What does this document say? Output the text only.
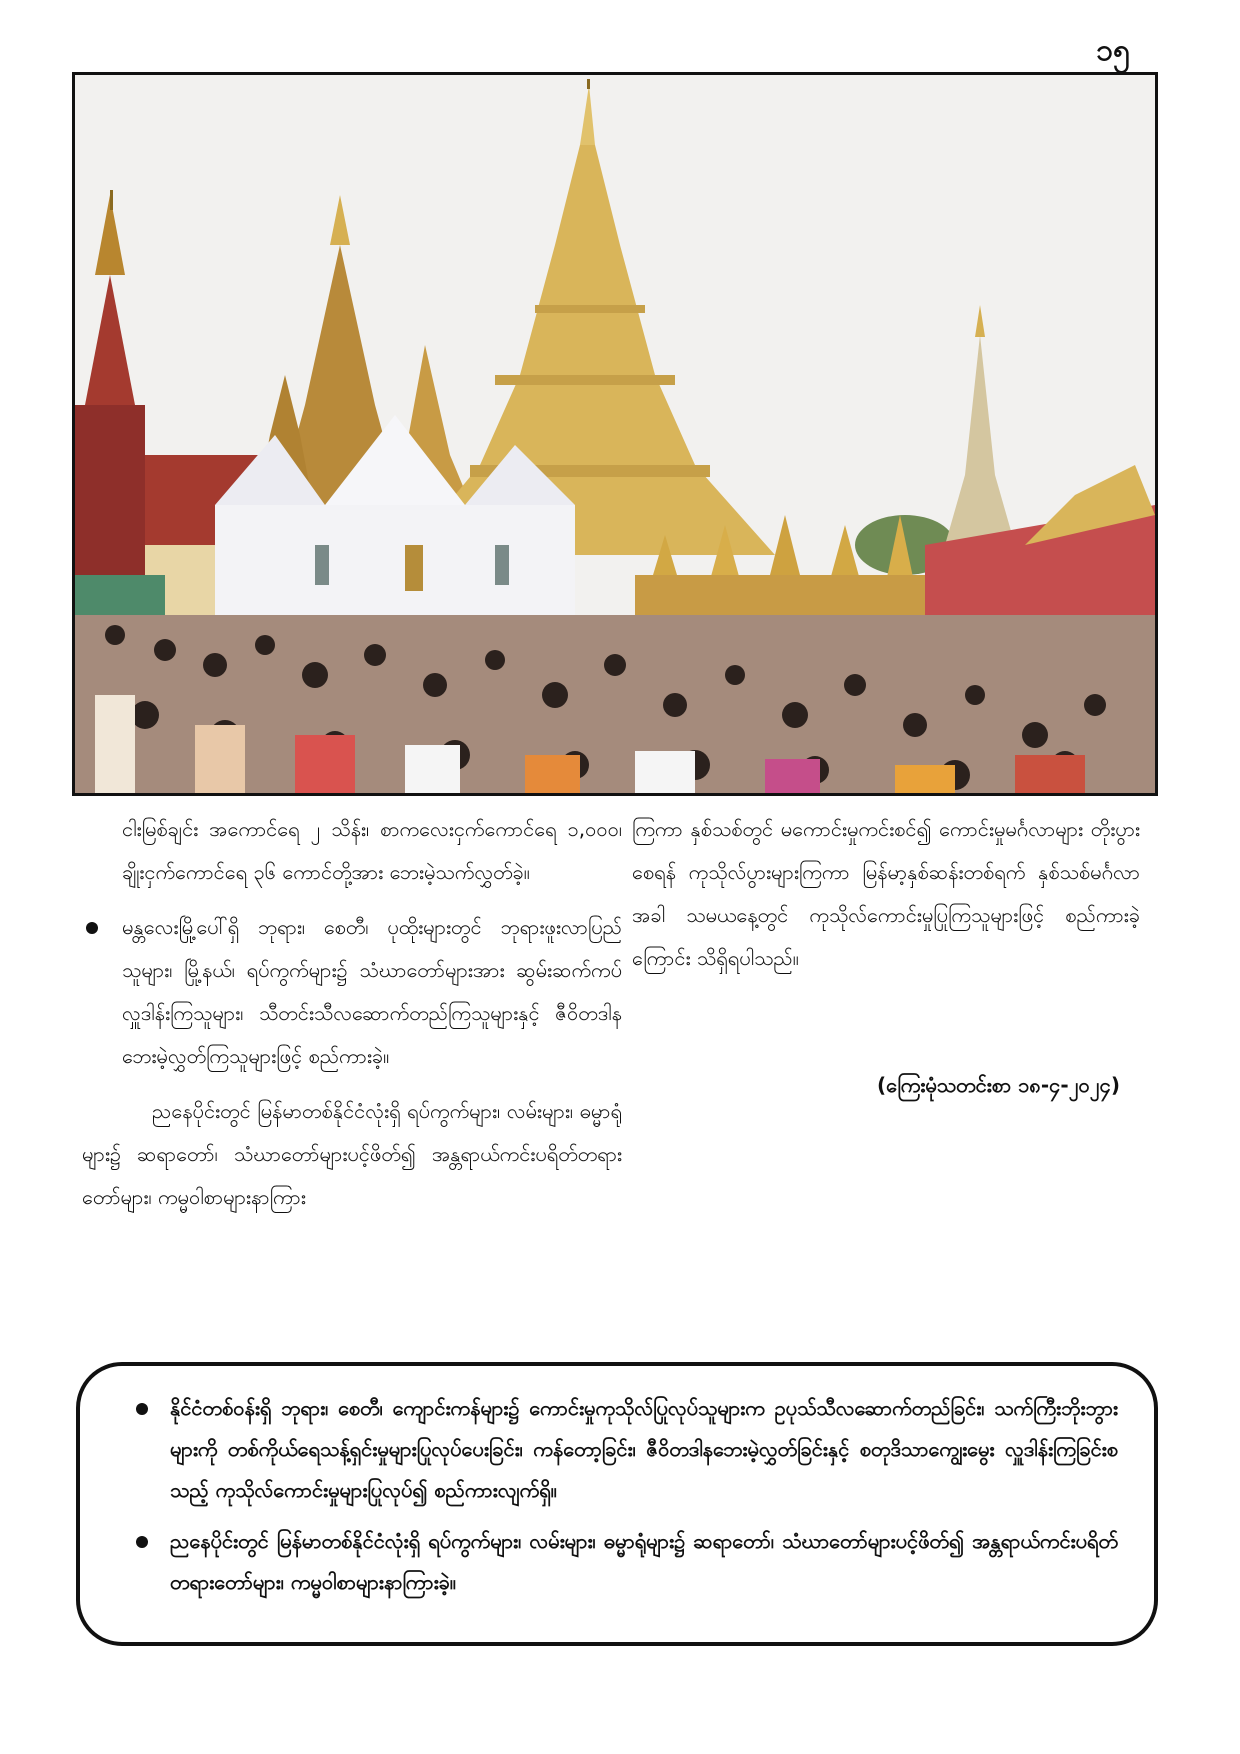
၁၅

ငါးမြစ်ချင်း အကောင်ရေ ၂ သိန်း၊ စာကလေးငှက်ကောင်ရေ ၁,၀၀၀၊ ချိုးငှက်ကောင်ရေ ၃၆ ကောင်တို့အား ဘေးမဲ့သက်လွှတ်ခဲ့။

မန္တလေးမြို့ပေါ်ရှိ ဘုရား၊ စေတီ၊ ပုထိုးများတွင် ဘုရားဖူးလာပြည်သူများ၊ မြို့နယ်၊ ရပ်ကွက်များ၌ သံဃာတော်များအား ဆွမ်းဆက်ကပ်လှူဒါန်းကြသူများ၊ သီတင်းသီလဆောက်တည်ကြသူများနှင့် ဇီဝိတဒါနဘေးမဲ့လွှတ်ကြသူများဖြင့် စည်ကားခဲ့။

ညနေပိုင်းတွင် မြန်မာတစ်နိုင်ငံလုံးရှိ ရပ်ကွက်များ၊ လမ်းများ၊ ဓမ္မာရုံများ၌ ဆရာတော်၊ သံဃာတော်များပင့်ဖိတ်၍ အန္တရာယ်ကင်းပရိတ်တရားတော်များ၊ ကမ္မဝါစာများနာကြား

ကြကာ နှစ်သစ်တွင် မကောင်းမှုကင်းစင်၍ ကောင်းမှုမင်္ဂလာများ တိုးပွားစေရန် ကုသိုလ်ပွားများကြကာ မြန်မာ့နှစ်ဆန်းတစ်ရက် နှစ်သစ်မင်္ဂလာအခါ သမယနေ့တွင် ကုသိုလ်ကောင်းမှုပြုကြသူများဖြင့် စည်ကားခဲ့ကြောင်း သိရှိရပါသည်။

(ကြေးမုံသတင်းစာ ၁၈-၄-၂၀၂၄)

နိုင်ငံတစ်ဝန်းရှိ ဘုရား၊ စေတီ၊ ကျောင်းကန်များ၌ ကောင်းမှုကုသိုလ်ပြုလုပ်သူများက ဥပုသ်သီလဆောက်တည်ခြင်း၊ သက်ကြီးဘိုးဘွားများကို တစ်ကိုယ်ရေသန့်ရှင်းမှုများပြုလုပ်ပေးခြင်း၊ ကန်တော့ခြင်း၊ ဇီဝိတဒါနဘေးမဲ့လွှတ်ခြင်းနှင့် စတုဒိသာကျွေးမွေး လှူဒါန်းကြခြင်းစသည့် ကုသိုလ်ကောင်းမှုများပြုလုပ်၍ စည်ကားလျက်ရှိ။

ညနေပိုင်းတွင် မြန်မာတစ်နိုင်ငံလုံးရှိ ရပ်ကွက်များ၊ လမ်းများ၊ ဓမ္မာရုံများ၌ ဆရာတော်၊ သံဃာတော်များပင့်ဖိတ်၍ အန္တရာယ်ကင်းပရိတ်တရားတော်များ၊ ကမ္မဝါစာများနာကြားခဲ့။
